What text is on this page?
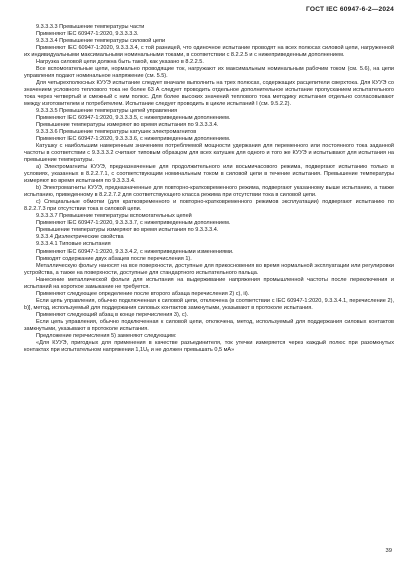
ГОСТ IEC 60947-6-2—2024

9.3.3.3.3 Превышение температуры части

Применяют IEC 60947-1:2020, 9.3.3.3.3.

9.3.3.3.4 Превышение температуры силовой цепи

Применяют IEC 60947-1:2020, 9.3.3.3.4, с той разницей, что одиночное испытание проводят на всех полюсах силовой цепи, нагруженной их индивидуальными максимальными номинальными токами, в соответствии с 8.2.2.5 и с нижеприведенным дополнением.

Нагрузка силовой цепи должна быть такой, как указано в 8.2.2.5.

Все вспомогательные цепи, нормально проводящие ток, нагружают их максимальным номинальным рабочим током (см. 5.6), на цепи управления подают номинальное напряжение (см. 5.5).

Для четырехполюсных КУУЭ испытание следует вначале выполнить на трех полюсах, содержащих расцепители сверхтока. Для КУУЭ со значением условного теплового тока не более 63 А следует проводить отдельное дополнительное испытание пропусканием испытательного тока через четвертый и смежный с ним полюс. Для более высоких значений теплового тока методику испытания отдельно согласовывают между изготовителем и потребителем. Испытание следует проводить в цикле испытаний I (см. 9.5.2.2).

9.3.3.3.5 Превышение температуры цепей управления

Применяют IEC 60947-1:2020, 9.3.3.3.5, с нижеприведенным дополнением.

Превышение температуры измеряют во время испытания по 9.3.3.3.4.

9.3.3.3.6 Превышение температуры катушек электромагнитов

Применяют IEC 60947-1:2020, 9.3.3.3.6, с нижеприведенным дополнением.

Катушку с наибольшим намеренным значением потребляемой мощности удержания для переменного или постоянного тока заданной частоты в соответствии с 9.3.3.3.2 считают типовым образцом для всех катушек для одного и того же КУУЭ и испытывают для испытания на превышение температуры.

а) Электромагниты КУУЭ, предназначенные для продолжительного или восьмичасового режима, подвергают испытанию только в условиях, указанных в 8.2.2.7.1, с соответствующим номинальным током в силовой цепи в течение испытания. Превышение температуры измеряют во время испытания по 9.3.3.3.4.

b) Электромагниты КУУЭ, предназначенные для повторно-кратковременного режима, подвергают указанному выше испытанию, а также испытанию, приведенному в 8.2.2.7.2 для соответствующего класса режима при отсутствии тока в силовой цепи.

с) Специальные обмотки (для кратковременного и повторно-кратковременного режимов эксплуатации) подвергают испытанию по 8.2.2.7.3 при отсутствии тока в силовой цепи.

9.3.3.3.7 Превышение температуры вспомогательных цепей

Применяют IEC 60947-1:2020, 9.3.3.3.7, с нижеприведенным дополнением.

Превышение температуры измеряют во время испытания по 9.3.3.3.4.

9.3.3.4 Диэлектрические свойства

9.3.3.4.1 Типовые испытания

Применяют IEC 60947-1:2020, 9.3.3.4.2, с нижеприведенными изменениями.

Приводят содержание двух абзацев после перечисления 1).

Металлическую фольгу наносят на все поверхности, доступные для прикосновения во время нормальной эксплуатации или регулировки устройства, а также на поверхности, доступные для стандартного испытательного пальца.

Нанесение металлической фольги для испытания на выдерживание напряжения промышленной частоты после переключения и испытаний на короткое замыкание не требуется.

Применяют следующее определение после второго абзаца перечисления 2) с), ii).

Если цепь управления, обычно подключенная к силовой цепи, отключена (в соответствии с IEC 60947-1:2020, 9.3.3.4.1, перечисление 2), b)], метод, используемый для поддержания силовых контактов замкнутыми, указывают в протоколе испытания.

Применяют следующий абзац в конце перечисления 3), с).

Если цепь управления, обычно подключенная к силовой цепи, отключена, метод, используемый для поддержания силовых контактов замкнутыми, указывают в протоколе испытания.

Предложение перечисления 5) заменяют следующим:

«Для КУУЭ, пригодных для применения в качестве разъединителя, ток утечки измеряется через каждый полюс при разомкнутых контактах при испытательном напряжении 1,1Uₑ и не должен превышать 0,5 мА»

39
